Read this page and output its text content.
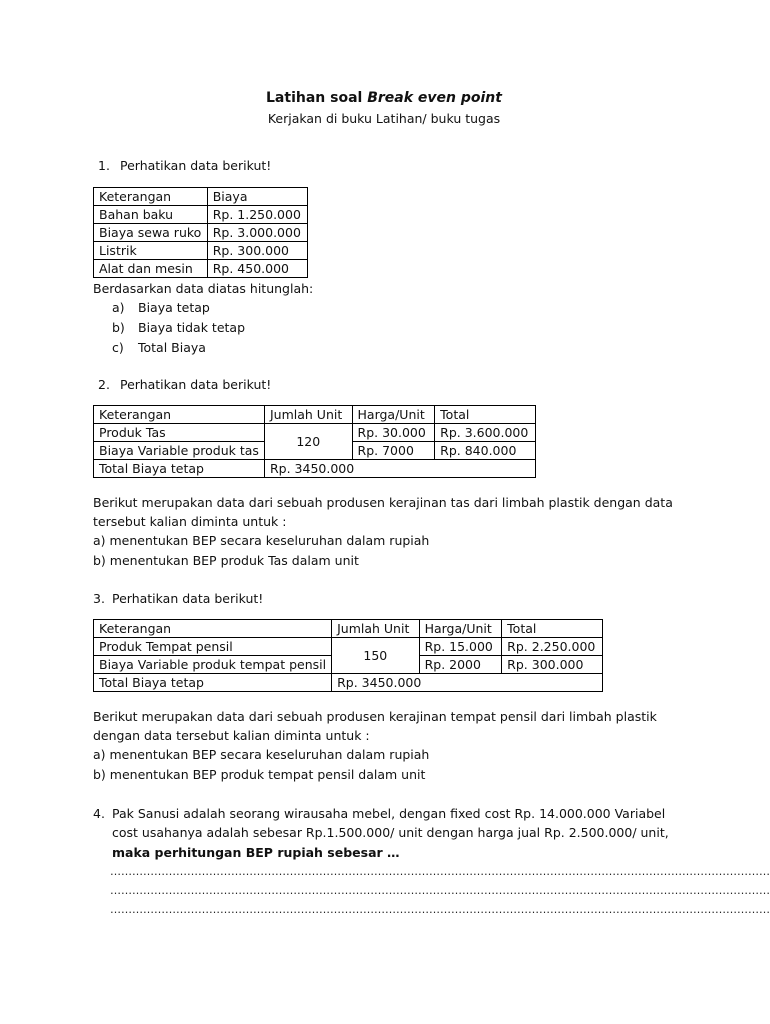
Latihan soal Break even point
Kerjakan di buku Latihan/ buku tugas
1. Perhatikan data berikut!
Keterangan	Biaya
Bahan baku	Rp. 1.250.000
Biaya sewa ruko	Rp. 3.000.000
Listrik	Rp. 300.000
Alat dan mesin	Rp. 450.000
Berdasarkan data diatas hitunglah:
a) Biaya tetap
b) Biaya tidak tetap
c) Total Biaya
2. Perhatikan data berikut!
Keterangan	Jumlah Unit	Harga/Unit	Total
Produk Tas	120	Rp. 30.000	Rp. 3.600.000
Biaya Variable produk tas		Rp. 7000	Rp. 840.000
Total Biaya tetap	Rp. 3450.000		
Berikut merupakan data dari sebuah produsen kerajinan tas dari limbah plastik dengan data
tersebut kalian diminta untuk :
a) menentukan BEP secara keseluruhan dalam rupiah
b) menentukan BEP produk Tas dalam unit
3. Perhatikan data berikut!
Keterangan	Jumlah Unit	Harga/Unit	Total
Produk Tempat pensil	150	Rp. 15.000	Rp. 2.250.000
Biaya Variable produk tempat pensil		Rp. 2000	Rp. 300.000
Total Biaya tetap	Rp. 3450.000		
Berikut merupakan data dari sebuah produsen kerajinan tempat pensil dari limbah plastik
dengan data tersebut kalian diminta untuk :
a) menentukan BEP secara keseluruhan dalam rupiah
b) menentukan BEP produk tempat pensil dalam unit
4. Pak Sanusi adalah seorang wirausaha mebel, dengan fixed cost Rp. 14.000.000 Variabel
cost usahanya adalah sebesar Rp.1.500.000/ unit dengan harga jual Rp. 2.500.000/ unit,
maka perhitungan BEP rupiah sebesar …
………………………………………………………………………………………………………………………………………………………………
………………………………………………………………………………………………………………………………………………………………
………………………………………………………………………………………………………………………………………………………………
